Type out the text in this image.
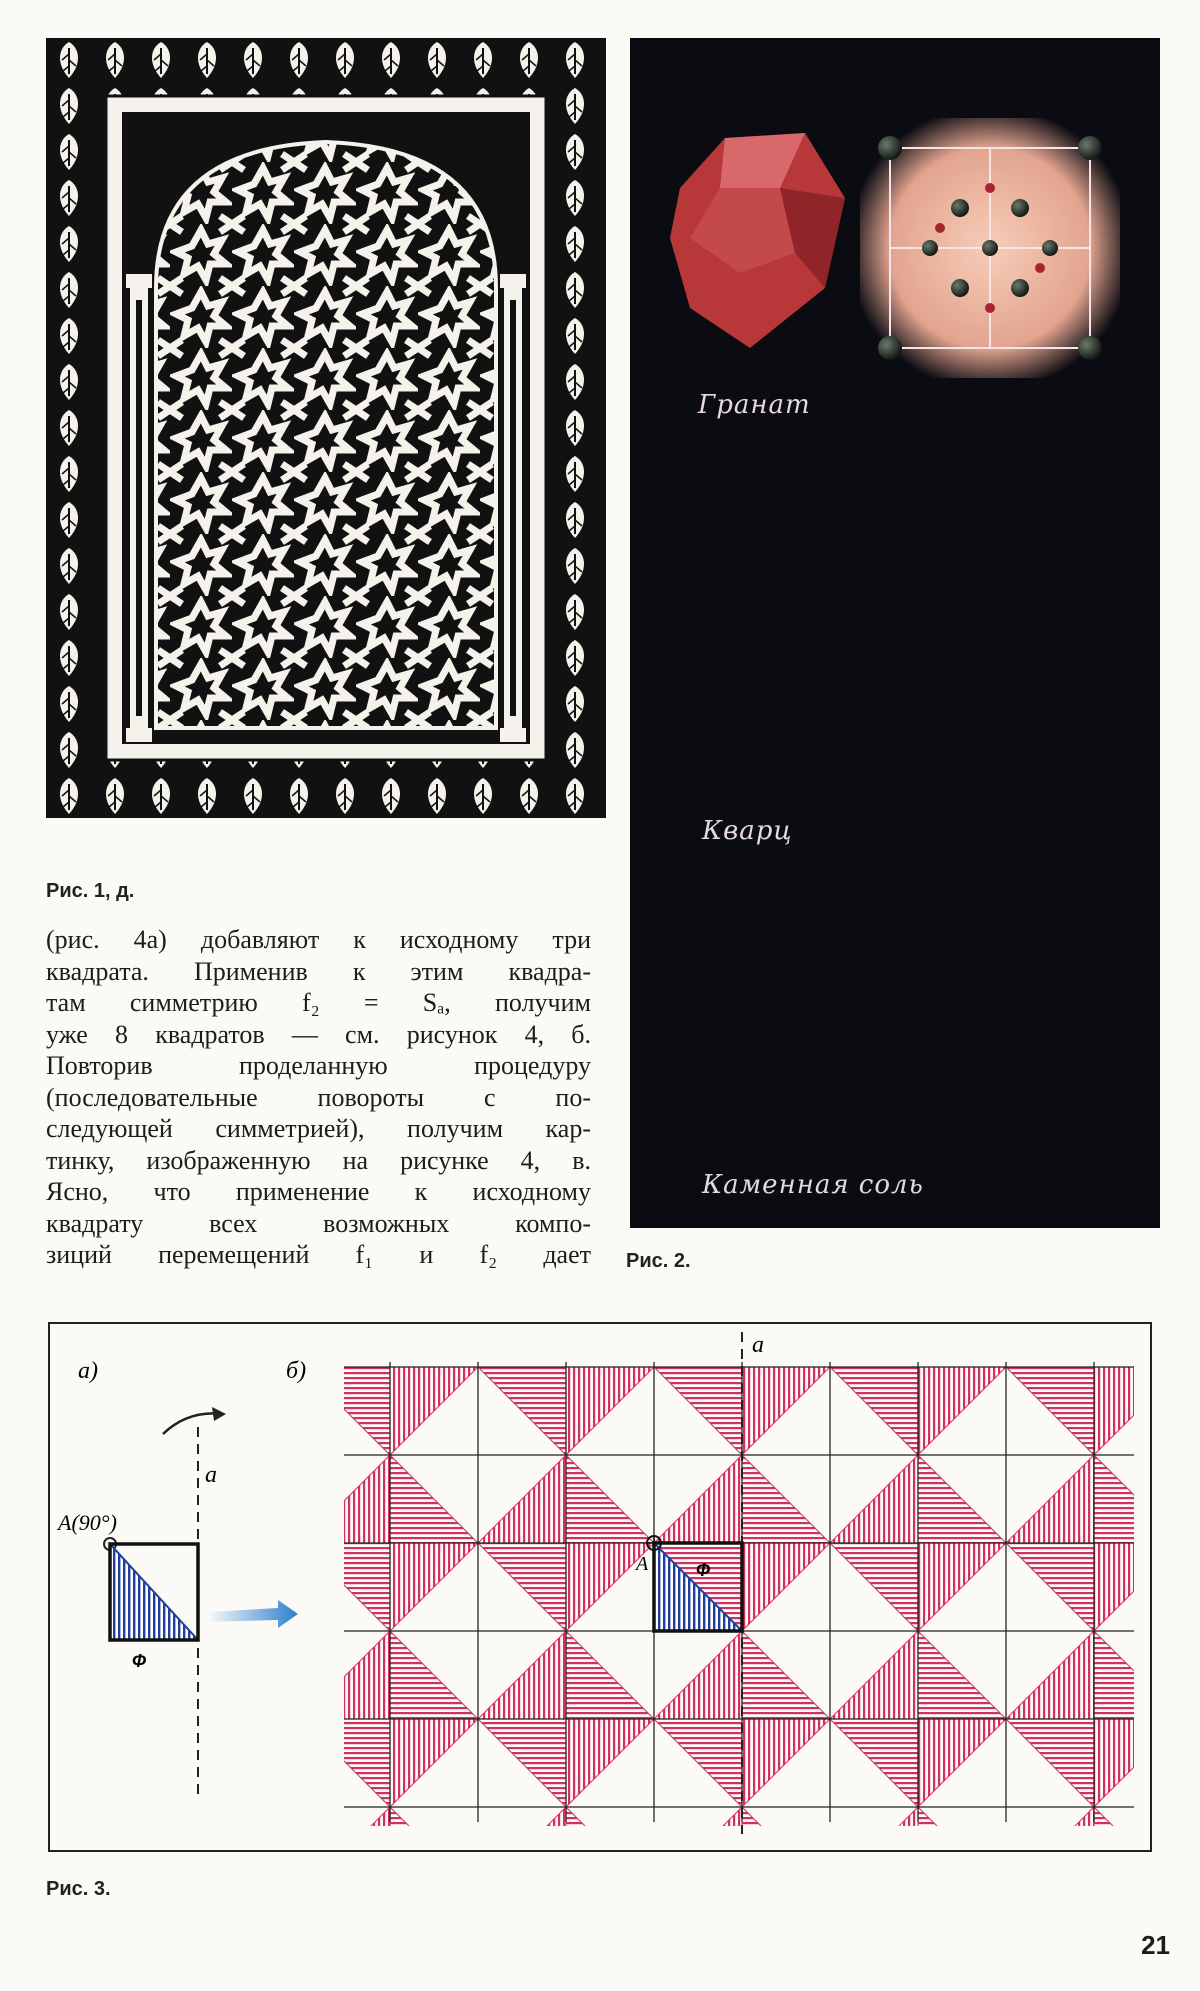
Рис. 1, д.
Гранат
Кварц
Каменная соль
Рис. 2.
(рис. 4а) добавляют к исходному три
квадрата. Применив к этим квадра-
там симметрию f₂ = Sₐ, получим
уже 8 квадратов — см. рисунок 4, б.
Повторив проделанную процедуру
(последовательные повороты с по-
следующей симметрией), получим кар-
тинку, изображенную на рисунке 4, в.
Ясно, что применение к исходному
квадрату всех возможных компо-
зиций перемещений f₁ и f₂ дает
а)
a
A(90°)
Ф
б)
a
A	Ф
Рис. 3.
21
